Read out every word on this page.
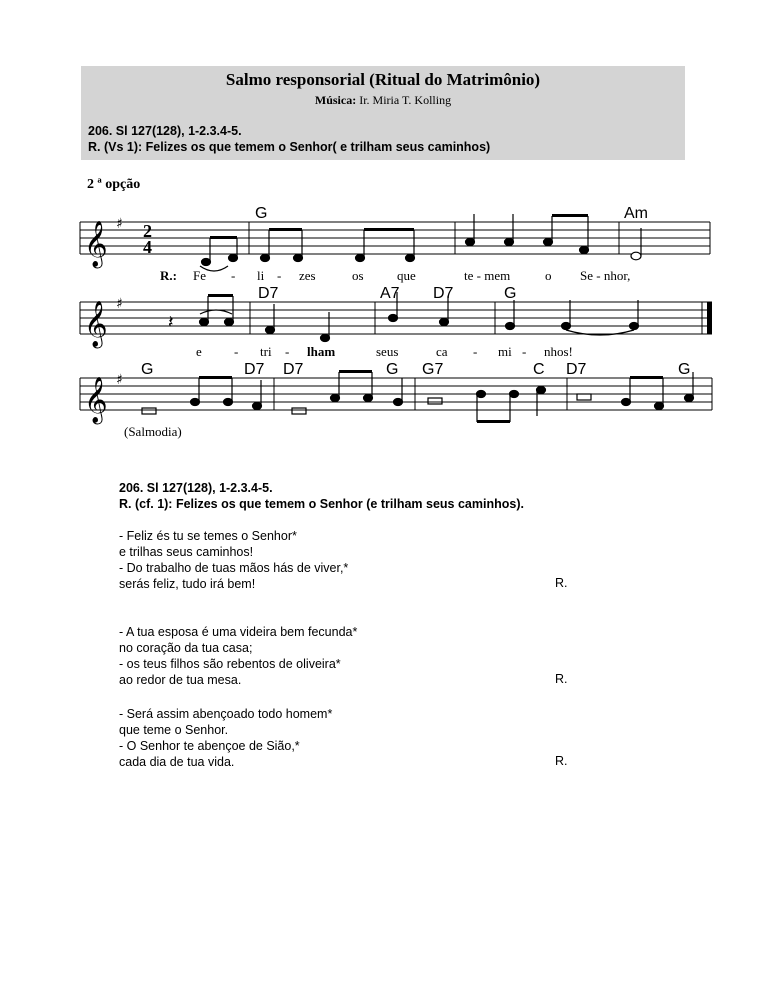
Salmo responsorial (Ritual do Matrimônio)
Música: Ir. Miria T. Kolling
206. Sl 127(128), 1-2.3.4-5.
R. (Vs 1): Felizes os que temem o Senhor( e trilham seus caminhos)
2 ª opção
G	Am
D7	A7 D7	G
G	D7 D7	G G7	C D7	G
𝄞
𝄞
𝄞
♯
♯
♯
2
4
𝄽
R.: Fe - li - zes	os	que	te - mem	o Se - nhor,
e - tri - lham	seus	ca - mi - nhos!
(Salmodia)
206. Sl 127(128), 1-2.3.4-5.
R. (cf. 1): Felizes os que temem o Senhor (e trilham seus caminhos).
- Feliz és tu se temes o Senhor*
e trilhas seus caminhos!
- Do trabalho de tuas mãos hás de viver,*
serás feliz, tudo irá bem!	R.
- A tua esposa é uma videira bem fecunda*
no coração da tua casa;
- os teus filhos são rebentos de oliveira*
ao redor de tua mesa.	R.
- Será assim abençoado todo homem*
que teme o Senhor.
- O Senhor te abençoe de Sião,*
cada dia de tua vida.	R.
